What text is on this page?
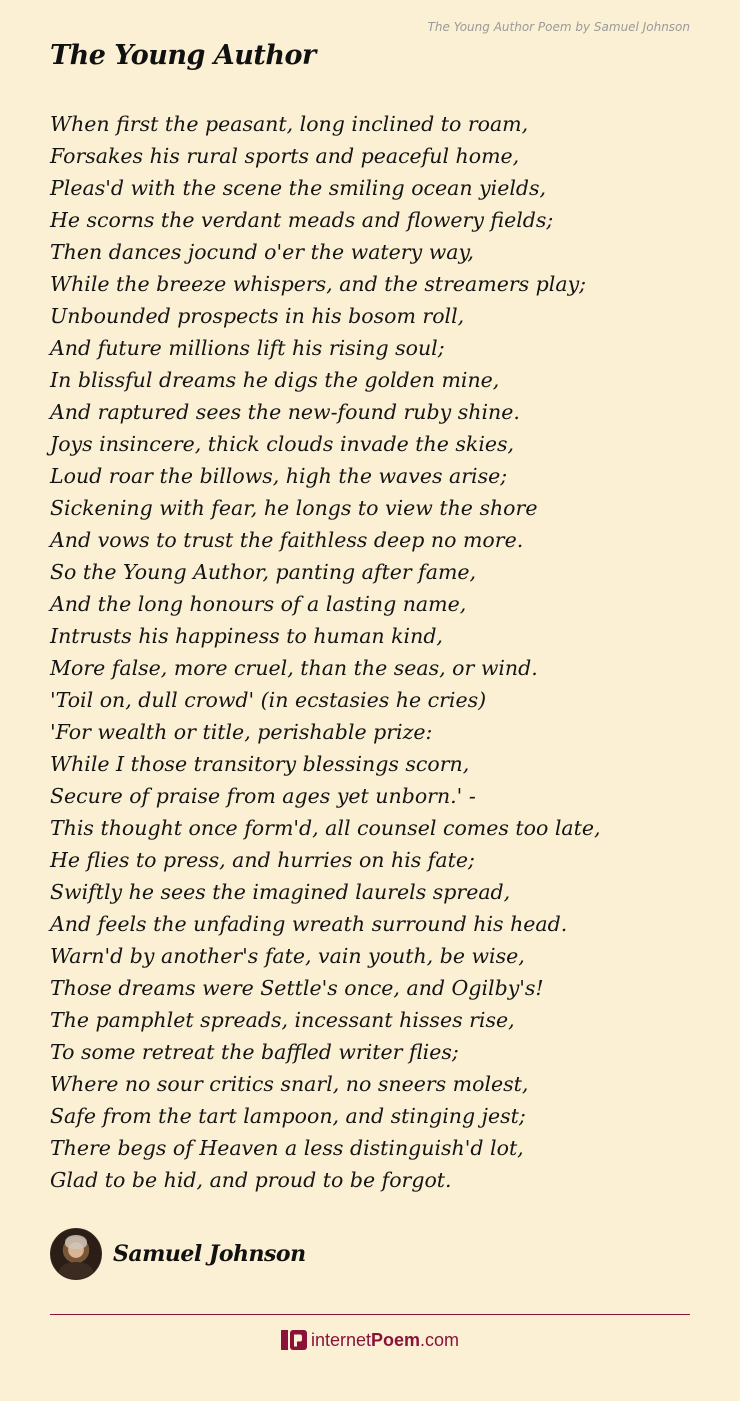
The Young Author Poem by Samuel Johnson
The Young Author
When first the peasant, long inclined to roam,
Forsakes his rural sports and peaceful home,
Pleas'd with the scene the smiling ocean yields,
He scorns the verdant meads and flowery fields;
Then dances jocund o'er the watery way,
While the breeze whispers, and the streamers play;
Unbounded prospects in his bosom roll,
And future millions lift his rising soul;
In blissful dreams he digs the golden mine,
And raptured sees the new-found ruby shine.
Joys insincere, thick clouds invade the skies,
Loud roar the billows, high the waves arise;
Sickening with fear, he longs to view the shore
And vows to trust the faithless deep no more.
So the Young Author, panting after fame,
And the long honours of a lasting name,
Intrusts his happiness to human kind,
More false, more cruel, than the seas, or wind.
'Toil on, dull crowd' (in ecstasies he cries)
'For wealth or title, perishable prize:
While I those transitory blessings scorn,
Secure of praise from ages yet unborn.' -
This thought once form'd, all counsel comes too late,
He flies to press, and hurries on his fate;
Swiftly he sees the imagined laurels spread,
And feels the unfading wreath surround his head.
Warn'd by another's fate, vain youth, be wise,
Those dreams were Settle's once, and Ogilby's!
The pamphlet spreads, incessant hisses rise,
To some retreat the baffled writer flies;
Where no sour critics snarl, no sneers molest,
Safe from the tart lampoon, and stinging jest;
There begs of Heaven a less distinguish'd lot,
Glad to be hid, and proud to be forgot.
Samuel Johnson
internet Poem .com
